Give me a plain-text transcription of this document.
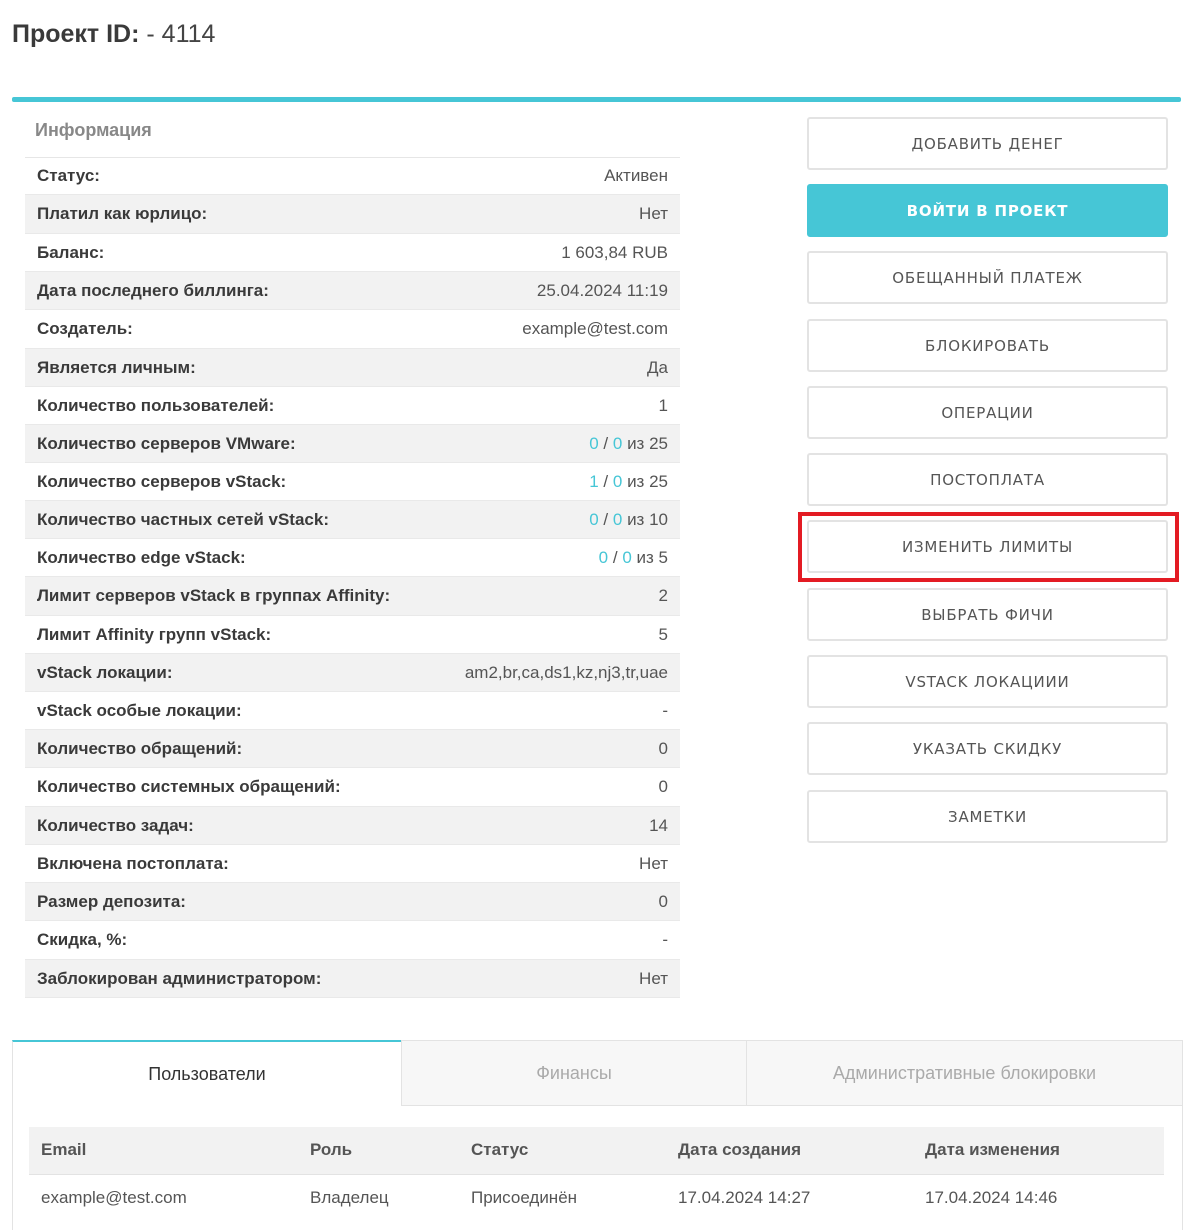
Проект ID: - 4114
Информация
Статус:	Активен
Платил как юрлицо:	Нет
Баланс:	1 603,84 RUB
Дата последнего биллинга:	25.04.2024 11:19
Создатель:	example@test.com
Является личным:	Да
Количество пользователей:	1
Количество серверов VMware:	0 / 0 из 25
Количество серверов vStack:	1 / 0 из 25
Количество частных сетей vStack:	0 / 0 из 10
Количество edge vStack:	0 / 0 из 5
Лимит серверов vStack в группах Affinity:	2
Лимит Affinity групп vStack:	5
vStack локации:	am2,br,ca,ds1,kz,nj3,tr,uae
vStack особые локации:	-
Количество обращений:	0
Количество системных обращений:	0
Количество задач:	14
Включена постоплата:	Нет
Размер депозита:	0
Скидка, %:	-
Заблокирован администратором:	Нет
ДОБАВИТЬ ДЕНЕГ
ВОЙТИ В ПРОЕКТ
ОБЕЩАННЫЙ ПЛАТЕЖ
БЛОКИРОВАТЬ
ОПЕРАЦИИ
ПОСТОПЛАТА
ИЗМЕНИТЬ ЛИМИТЫ
ВЫБРАТЬ ФИЧИ
VSTACK ЛОКАЦИИИ
УКАЗАТЬ СКИДКУ
ЗАМЕТКИ
Пользователи	Финансы	Административные блокировки
Email	Роль	Статус	Дата создания	Дата изменения
example@test.com	Владелец	Присоединён	17.04.2024 14:27	17.04.2024 14:46
